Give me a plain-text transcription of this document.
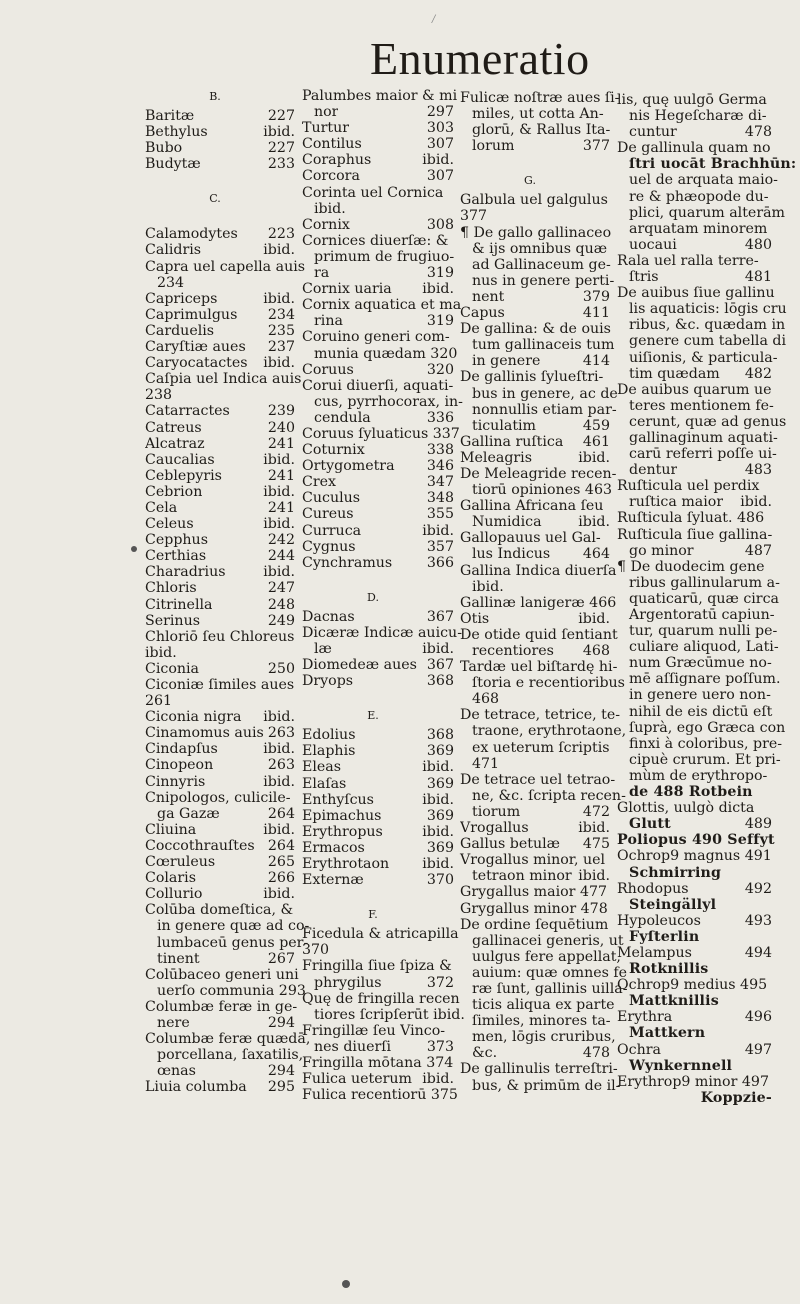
/
Enumeratio
B.
Baritæ	227
Bethylus	ibid.
Bubo	227
Budytæ	233
C.
Calamodytes 223
Calidris	ibid.
Capra uel capella auis
234
Capriceps	ibid.
Caprimulgus 234
Carduelis	235
Caryſtiæ aues 237
Caryocatactes ibid.
Caſpia uel Indica auis
238
Catarractes	239
Catreus	240
Alcatraz	241
Caucalias	ibid.
Ceblepyris	241
Cebrion	ibid.
Cela	241
Celeus	ibid.
Cepphus	242
Certhias	244
Charadrius	ibid.
Chloris	247
Citrinella	248
Serinus	249
Chloriō ſeu Chloreus
ibid.
Ciconia	250
Ciconiæ ſimiles aues
261
Ciconia nigra ibid.
Cinamomus auis 263
Cindapſus	ibid.
Cinopeon	263
Cinnyris	ibid.
Cnipologos, culicile-
ga Gazæ	264
Cliuina	ibid.
Coccothrauſtes 264
Cœruleus	265
Colaris	266
Collurio	ibid.
Colūba domeſtica, &
in genere quæ ad co-
lumbaceū genus per-
tinent	267
Colūbaceo generi uni
uerſo communia 293
Columbæ feræ in ge-
nere	294
Columbæ feræ quædā,
porcellana, ſaxatilis,
œnas	294
Liuia columba 295
Palumbes maior & mi
nor	297
Turtur	303
Contilus	307
Coraphus	ibid.
Corcora	307
Corinta uel Cornica
ibid.
Cornix	308
Cornices diuerſæ: &
primum de frugiuo-
ra	319
Cornix uaria ibid.
Cornix aquatica et ma
rina	319
Coruino generi com-
munia quædam 320
Coruus	320
Corui diuerſi, aquati-
cus, pyrrhocorax, in-
cendula	336
Coruus ſyluaticus 337
Coturnix	338
Ortygometra 346
Crex	347
Cuculus	348
Cureus	355
Curruca	ibid.
Cygnus	357
Cynchramus 366
D.
Dacnas	367
Dicæræ Indicæ auicu-
læ	ibid.
Diomedeæ aues 367
Dryops	368
E.
Edolius	368
Elaphis	369
Eleas	ibid.
Elaſas	369
Enthyſcus	ibid.
Epimachus	369
Erythropus	ibid.
Ermacos	369
Erythrotaon ibid.
Externæ	370
F.
Ficedula & atricapilla
370
Fringilla ſiue ſpiza &
phrygilus	372
Quę de fringilla recen
tiores ſcripſerūt ibid.
Fringillæ ſeu Vinco-
nes diuerſi	373
Fringilla mōtana 374
Fulica ueterum ibid.
Fulica recentiorū 375
Fulicæ noſtræ aues ſi-
miles, ut cotta An-
glorū, & Rallus Ita-
lorum	377
G.
Galbula uel galgulus
377
¶ De gallo gallinaceo
& ijs omnibus quæ
ad Gallinaceum ge-
nus in genere perti-
nent	379
Capus	411
De gallina: & de ouis
tum gallinaceis tum
in genere	414
De gallinis ſylueſtri-
bus in genere, ac de
nonnullis etiam par-
ticulatim	459
Gallina ruſtica 461
Meleagris	ibid.
De Meleagride recen-
tiorū opiniones 463
Gallina Africana ſeu
Numidica	ibid.
Gallopauus uel Gal-
lus Indicus 464
Gallina Indica diuerſa
ibid.
Gallinæ lanigeræ 466
Otis	ibid.
De otide quid ſentiant
recentiores 468
Tardæ uel biſtardę hi-
ſtoria e recentioribus
468
De tetrace, tetrice, te-
traone, erythrotaone,
ex ueterum ſcriptis
471
De tetrace uel tetrao-
ne, &c. ſcripta recen-
tiorum	472
Vrogallus	ibid.
Gallus betulæ 475
Vrogallus minor, uel
tetraon minor ibid.
Grygallus maior 477
Grygallus minor 478
De ordine ſequētium
gallinacei generis, ut
uulgus fere appellat,
auium: quæ omnes fe
ræ ſunt, gallinis uilla-
ticis aliqua ex parte
ſimiles, minores ta-
men, lōgis cruribus,
&c.	478
De gallinulis terreſtri-
bus, & primūm de il-
lis, quę uulgō Germa
nis Hegeſcharæ di-
cuntur	478
De gallinula quam no
ſtri uocāt Brachhūn:
uel de arquata maio-
re & phæopode du-
plici, quarum alterām
arquatam minorem
uocaui	480
Rala uel ralla terre-
ſtris	481
De auibus ſiue gallinu
lis aquaticis: lōgis cru
ribus, &c. quædam in
genere cum tabella di
uiſionis, & particula-
tim quædam 482
De auibus quarum ue
teres mentionem fe-
cerunt, quæ ad genus
gallinaginum aquati-
carū referri poſſe ui-
dentur	483
Ruſticula uel perdix
ruſtica maior ibid.
Ruſticula ſyluat. 486
Ruſticula ſiue gallina-
go minor	487
¶ De duodecim gene
ribus gallinularum a-
quaticarū, quæ circa
Argentoratū capiun-
tur, quarum nulli pe-
culiare aliquod, Lati-
num Græcūmue no-
mē aſſignare poſſum.
in genere uero non-
nihil de eis dictū eſt
ſuprà, ego Græca con
finxi à coloribus, pre-
cipuè crurum. Et pri-
mùm de erythropo-
de 488 Rotbein
Glottis, uulgò dicta
Glutt	489
Poliopus 490 Seffyt
Ochrop9 magnus 491
Schmirring
Rhodopus	492
Steingällyl
Hypoleucos	493
Fyſterlin
Melampus	494
Rotknillis
Ochrop9 medius 495
Mattknillis
Erythra	496
Mattkern
Ochra	497
Wynkernnell
Erythrop9 minor 497
Koppzie-
